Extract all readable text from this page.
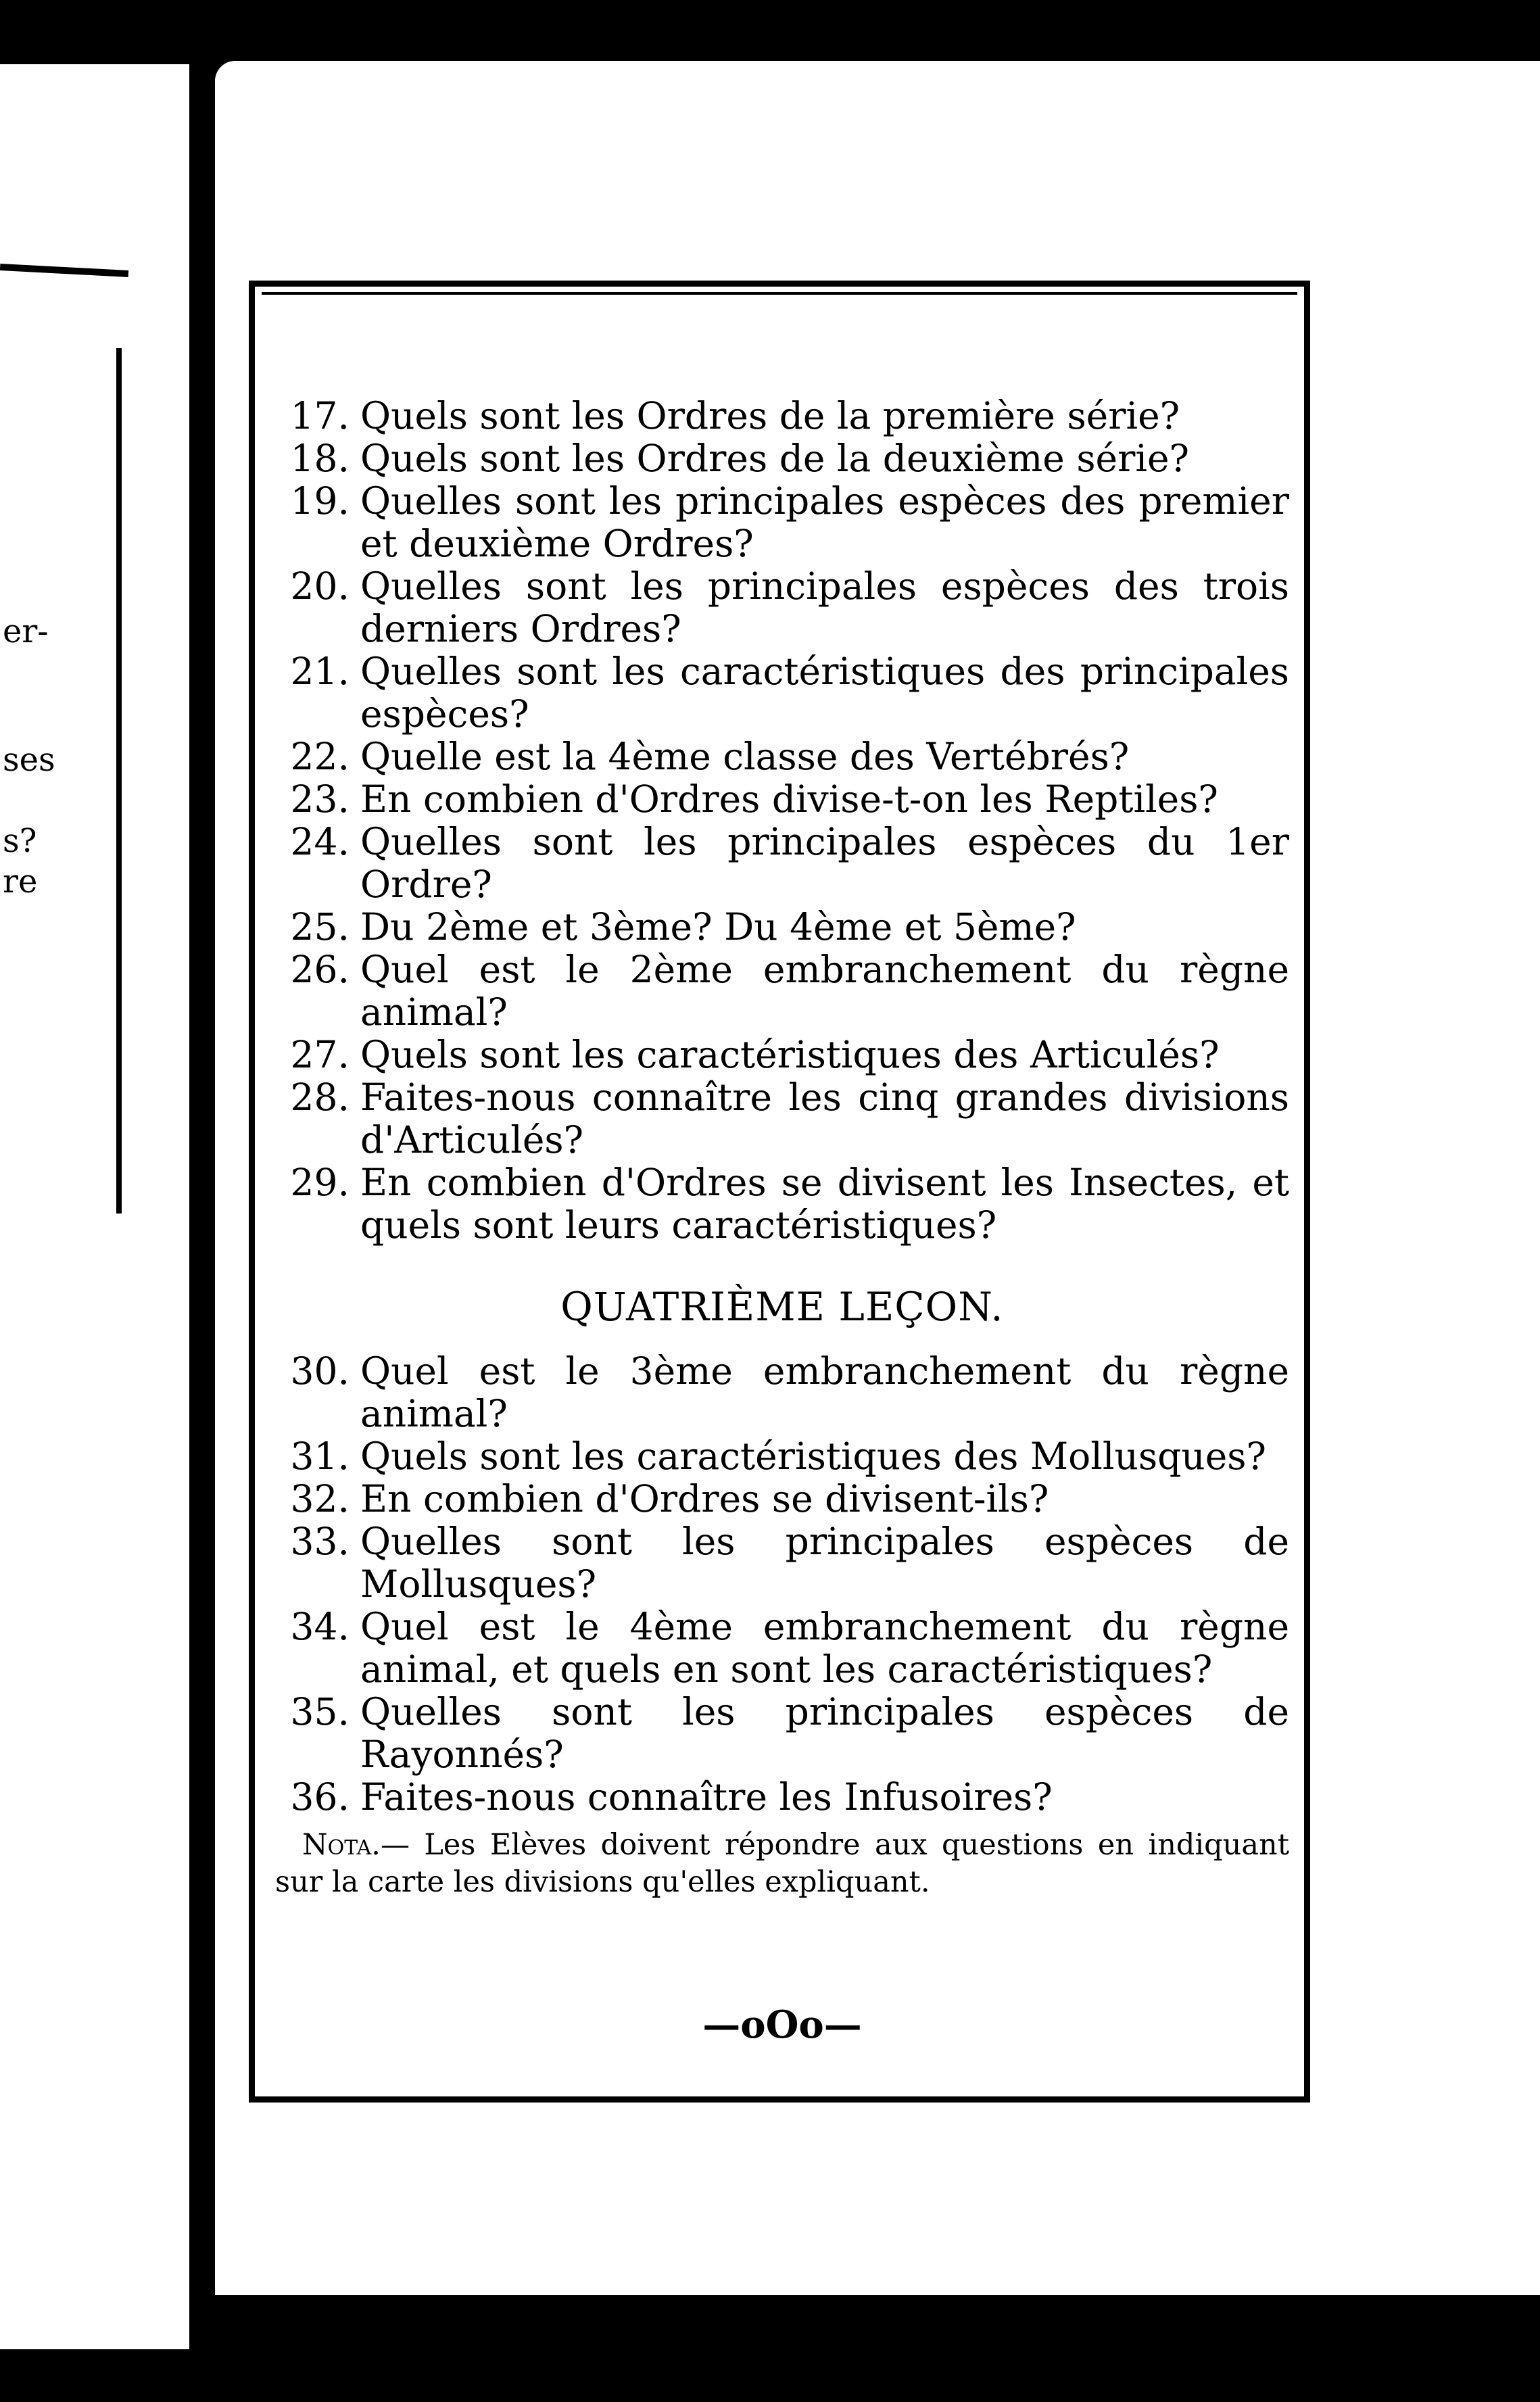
er-
ses
s?
re
17. Quels sont les Ordres de la première série?
18. Quels sont les Ordres de la deuxième série?
19. Quelles sont les principales espèces des premier et deuxième Ordres?
20. Quelles sont les principales espèces des trois derniers Ordres?
21. Quelles sont les caractéristiques des principales espèces?
22. Quelle est la 4ème classe des Vertébrés?
23. En combien d'Ordres divise-t-on les Reptiles?
24. Quelles sont les principales espèces du 1er Ordre?
25. Du 2ème et 3ème? Du 4ème et 5ème?
26. Quel est le 2ème embranchement du règne animal?
27. Quels sont les caractéristiques des Articulés?
28. Faites-nous connaître les cinq grandes divisions d'Articulés?
29. En combien d'Ordres se divisent les Insectes, et quels sont leurs caractéristiques?
QUATRIÈME LEÇON.
30. Quel est le 3ème embranchement du règne animal?
31. Quels sont les caractéristiques des Mollusques?
32. En combien d'Ordres se divisent-ils?
33. Quelles sont les principales espèces de Mollusques?
34. Quel est le 4ème embranchement du règne animal, et quels en sont les caractéristiques?
35. Quelles sont les principales espèces de Rayonnés?
36. Faites-nous connaître les Infusoires?
Nota.— Les Elèves doivent répondre aux questions en indiquant sur la carte les divisions qu'elles expliquant.
—oOo—
